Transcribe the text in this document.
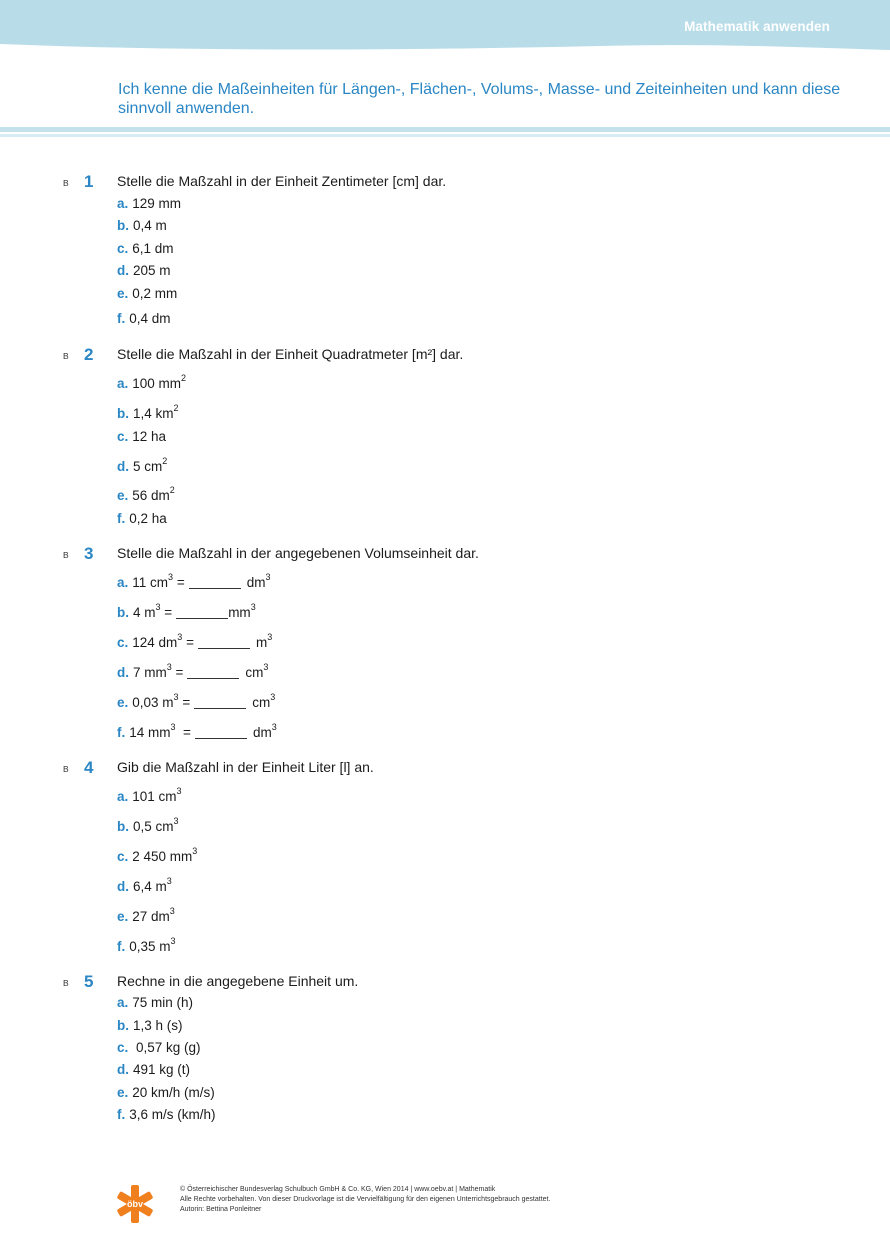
Mathematik anwenden
Ich kenne die Maßeinheiten für Längen-, Flächen-, Volums-, Masse- und Zeiteinheiten und kann diese sinnvoll anwenden.
B 1 Stelle die Maßzahl in der Einheit Zentimeter [cm] dar.
a. 129 mm
b. 0,4 m
c. 6,1 dm
d. 205 m
e. 0,2 mm
f. 0,4 dm
B 2 Stelle die Maßzahl in der Einheit Quadratmeter [m²] dar.
a. 100 $mm^2$
b. 1,4 $km^2$
c. 12 ha
d. 5 $cm^2$
e. 56 $dm^2$
f. 0,2 ha
B 3 Stelle die Maßzahl in der angegebenen Volumseinheit dar.
a. 11 $cm^3$ =	$dm^3$
b. 4 $m^3$ =	$mm^3$
c. 124 $dm^3$ =	$m^3$
d. 7 $mm^3$ =	$cm^3$
e. 0,03 $m^3$ =	$cm^3$
f. 14 $mm^3$ =	$dm^3$
B 4 Gib die Maßzahl in der Einheit Liter [l] an.
a. 101 $cm^3$
b. 0,5 $cm^3$
c. 2 450 $mm^3$
d. 6,4 $m^3$
e. 27 $dm^3$
f. 0,35 $m^3$
B 5 Rechne in die angegebene Einheit um.
a. 75 min (h)
b. 1,3 h (s)
c. 0,57 kg (g)
d. 491 kg (t)
e. 20 km/h (m/s)
f. 3,6 m/s (km/h)
öbv
© Österreichischer Bundesverlag Schulbuch GmbH & Co. KG, Wien 2014 | www.oebv.at | Mathematik
Alle Rechte vorbehalten. Von dieser Druckvorlage ist die Vervielfältigung für den eigenen Unterrichtsgebrauch gestattet.
Autorin: Bettina Ponleitner
